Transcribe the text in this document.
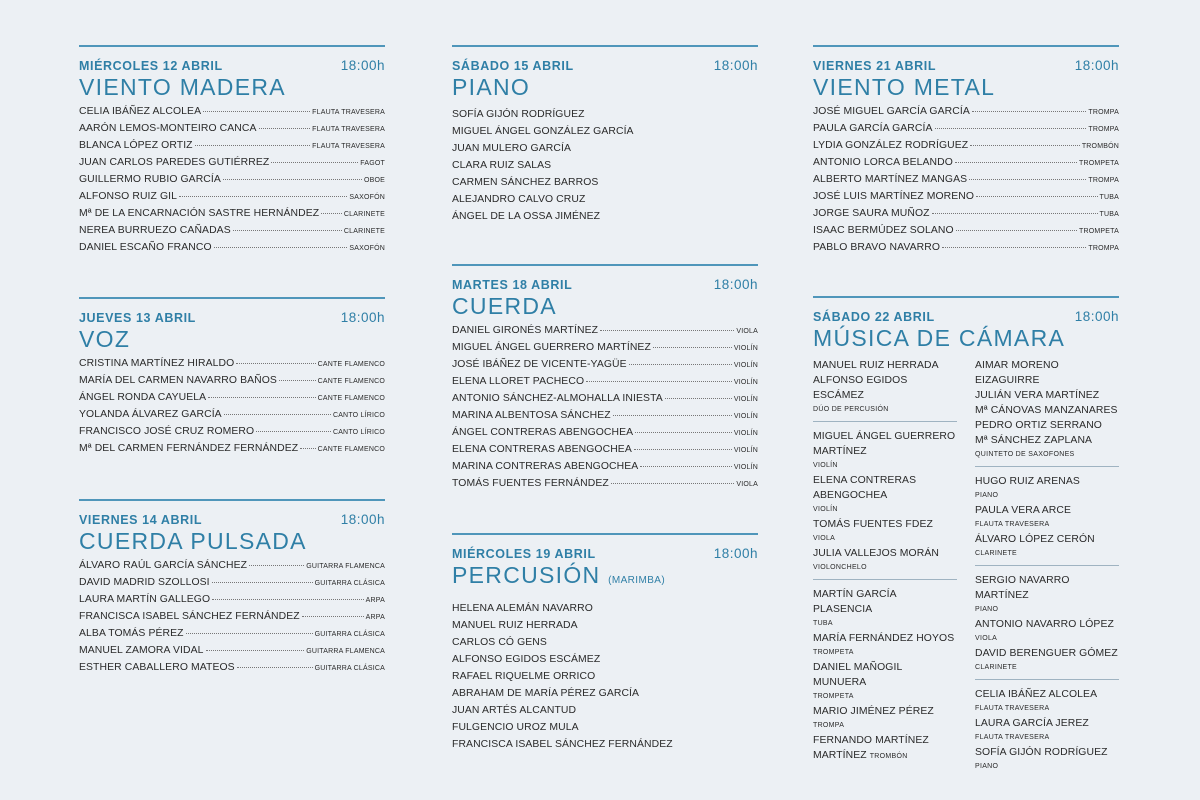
MIÉRCOLES 12 ABRIL	18:00h
VIENTO MADERA
CELIA IBÁÑEZ ALCOLEA	FLAUTA TRAVESERA
AARÓN LEMOS-MONTEIRO CANCA	FLAUTA TRAVESERA
BLANCA LÓPEZ ORTIZ	FLAUTA TRAVESERA
JUAN CARLOS PAREDES GUTIÉRREZ	FAGOT
GUILLERMO RUBIO GARCÍA	OBOE
ALFONSO RUIZ GIL	SAXOFÓN
Mª DE LA ENCARNACIÓN SASTRE HERNÁNDEZ	CLARINETE
NEREA BURRUEZO CAÑADAS	CLARINETE
DANIEL ESCAÑO FRANCO	SAXOFÓN
JUEVES 13 ABRIL	18:00h
VOZ
CRISTINA MARTÍNEZ HIRALDO	CANTE FLAMENCO
MARÍA DEL CARMEN NAVARRO BAÑOS	CANTE FLAMENCO
ÁNGEL RONDA CAYUELA	CANTE FLAMENCO
YOLANDA ÁLVAREZ GARCÍA	CANTO LÍRICO
FRANCISCO JOSÉ CRUZ ROMERO	CANTO LÍRICO
Mª DEL CARMEN FERNÁNDEZ FERNÁNDEZ	CANTE FLAMENCO
VIERNES 14 ABRIL	18:00h
CUERDA PULSADA
ÁLVARO RAÚL GARCÍA SÁNCHEZ	GUITARRA FLAMENCA
DAVID MADRID SZOLLOSI	GUITARRA CLÁSICA
LAURA MARTÍN GALLEGO	ARPA
FRANCISCA ISABEL SÁNCHEZ FERNÁNDEZ	ARPA
ALBA TOMÁS PÉREZ	GUITARRA CLÁSICA
MANUEL ZAMORA VIDAL	GUITARRA FLAMENCA
ESTHER CABALLERO MATEOS	GUITARRA CLÁSICA
SÁBADO 15 ABRIL	18:00h
PIANO
SOFÍA GIJÓN RODRÍGUEZ
MIGUEL ÁNGEL GONZÁLEZ GARCÍA
JUAN MULERO GARCÍA
CLARA RUIZ SALAS
CARMEN SÁNCHEZ BARROS
ALEJANDRO CALVO CRUZ
ÁNGEL DE LA OSSA JIMÉNEZ
MARTES 18 ABRIL	18:00h
CUERDA
DANIEL GIRONÉS MARTÍNEZ	VIOLA
MIGUEL ÁNGEL GUERRERO MARTÍNEZ	VIOLÍN
JOSÉ IBÁÑEZ DE VICENTE-YAGÜE	VIOLÍN
ELENA LLORET PACHECO	VIOLÍN
ANTONIO SÁNCHEZ-ALMOHALLA INIESTA	VIOLÍN
MARINA ALBENTOSA SÁNCHEZ	VIOLÍN
ÁNGEL CONTRERAS ABENGOCHEA	VIOLÍN
ELENA CONTRERAS ABENGOCHEA	VIOLÍN
MARINA CONTRERAS ABENGOCHEA	VIOLÍN
TOMÁS FUENTES FERNÁNDEZ	VIOLA
MIÉRCOLES 19 ABRIL	18:00h
PERCUSIÓN (MARIMBA)
HELENA ALEMÁN NAVARRO
MANUEL RUIZ HERRADA
CARLOS CÓ GENS
ALFONSO EGIDOS ESCÁMEZ
RAFAEL RIQUELME ORRICO
ABRAHAM DE MARÍA PÉREZ GARCÍA
JUAN ARTÉS ALCANTUD
FULGENCIO UROZ MULA
FRANCISCA ISABEL SÁNCHEZ FERNÁNDEZ
VIERNES 21 ABRIL	18:00h
VIENTO METAL
JOSÉ MIGUEL GARCÍA GARCÍA	TROMPA
PAULA GARCÍA GARCÍA	TROMPA
LYDIA GONZÁLEZ RODRÍGUEZ	TROMBÓN
ANTONIO LORCA BELANDO	TROMPETA
ALBERTO MARTÍNEZ MANGAS	TROMPA
JOSÉ LUIS MARTÍNEZ MORENO	TUBA
JORGE SAURA MUÑOZ	TUBA
ISAAC BERMÚDEZ SOLANO	TROMPETA
PABLO BRAVO NAVARRO	TROMPA
SÁBADO 22 ABRIL	18:00h
MÚSICA DE CÁMARA
MANUEL RUIZ HERRADA
ALFONSO EGIDOS ESCÁMEZ
DÚO DE PERCUSIÓN
MIGUEL ÁNGEL GUERRERO MARTÍNEZ
VIOLÍN
ELENA CONTRERAS ABENGOCHEA
VIOLÍN
TOMÁS FUENTES FDEZ
VIOLA
JULIA VALLEJOS MORÁN
VIOLONCHELO
MARTÍN GARCÍA PLASENCIA
TUBA
MARÍA FERNÁNDEZ HOYOS
TROMPETA
DANIEL MAÑOGIL MUNUERA
TROMPETA
MARIO JIMÉNEZ PÉREZ
TROMPA
FERNANDO MARTÍNEZ MARTÍNEZ TROMBÓN
AIMAR MORENO EIZAGUIRRE
JULIÁN VERA MARTÍNEZ
Mª CÁNOVAS MANZANARES
PEDRO ORTIZ SERRANO
Mª SÁNCHEZ ZAPLANA
QUINTETO DE SAXOFONES
HUGO RUIZ ARENAS
PIANO
PAULA VERA ARCE
FLAUTA TRAVESERA
ÁLVARO LÓPEZ CERÓN
CLARINETE
SERGIO NAVARRO MARTÍNEZ
PIANO
ANTONIO NAVARRO LÓPEZ
VIOLA
DAVID BERENGUER GÓMEZ
CLARINETE
CELIA IBÁÑEZ ALCOLEA
FLAUTA TRAVESERA
LAURA GARCÍA JEREZ
FLAUTA TRAVESERA
SOFÍA GIJÓN RODRÍGUEZ
PIANO
